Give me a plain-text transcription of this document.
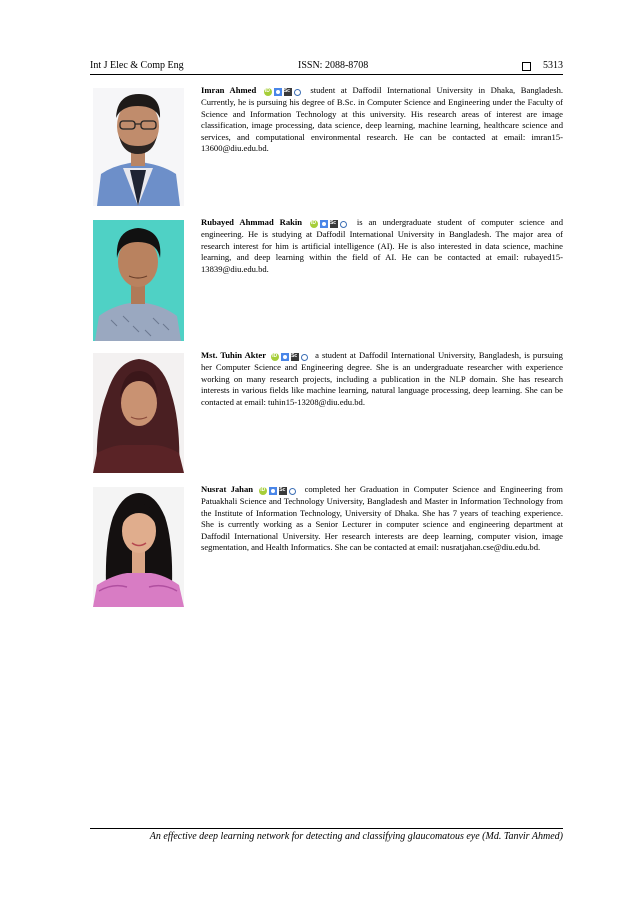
Int J Elec & Comp Eng	ISSN: 2088-8708	5313
Imran Ahmed iD Sc	student at Daffodil International University in Dhaka, Bangladesh. Currently, he is pursuing his degree of B.Sc. in Computer Science and Engineering under the Faculty of Science and Information Technology at this university. His research areas of interest are image classification, image processing, data science, deep learning, machine learning, healthcare science and services, and computational environmental research. He can be contacted at email: imran15-13600@diu.edu.bd.
Rubayed Ahmmad Rakin iD Sc	is an undergraduate student of computer science and engineering. He is studying at Daffodil International University in Bangladesh. The major area of research interest for him is artificial intelligence (AI). He is also interested in data science, machine learning, and deep learning within the field of AI. He can be contacted at email: rubayed15-13839@diu.edu.bd.
Mst. Tuhin Akter iD Sc	a student at Daffodil International University, Bangladesh, is pursuing her Computer Science and Engineering degree. She is an undergraduate researcher with experience working on many research projects, including a publication in the NLP domain. She has research interests in various fields like machine learning, natural language processing, deep learning. She can be contacted at email: tuhin15-13208@diu.edu.bd.
Nusrat Jahan iD Sc	completed her Graduation in Computer Science and Engineering from Patuakhali Science and Technology University, Bangladesh and Master in Information Technology from the Institute of Information Technology, University of Dhaka. She has 7 years of teaching experience. She is currently working as a Senior Lecturer in computer science and engineering department at Daffodil International University. Her research interests are deep learning, computer vision, image segmentation, and Health Informatics. She can be contacted at email: nusratjahan.cse@diu.edu.bd.
An effective deep learning network for detecting and classifying glaucomatous eye (Md. Tanvir Ahmed)
